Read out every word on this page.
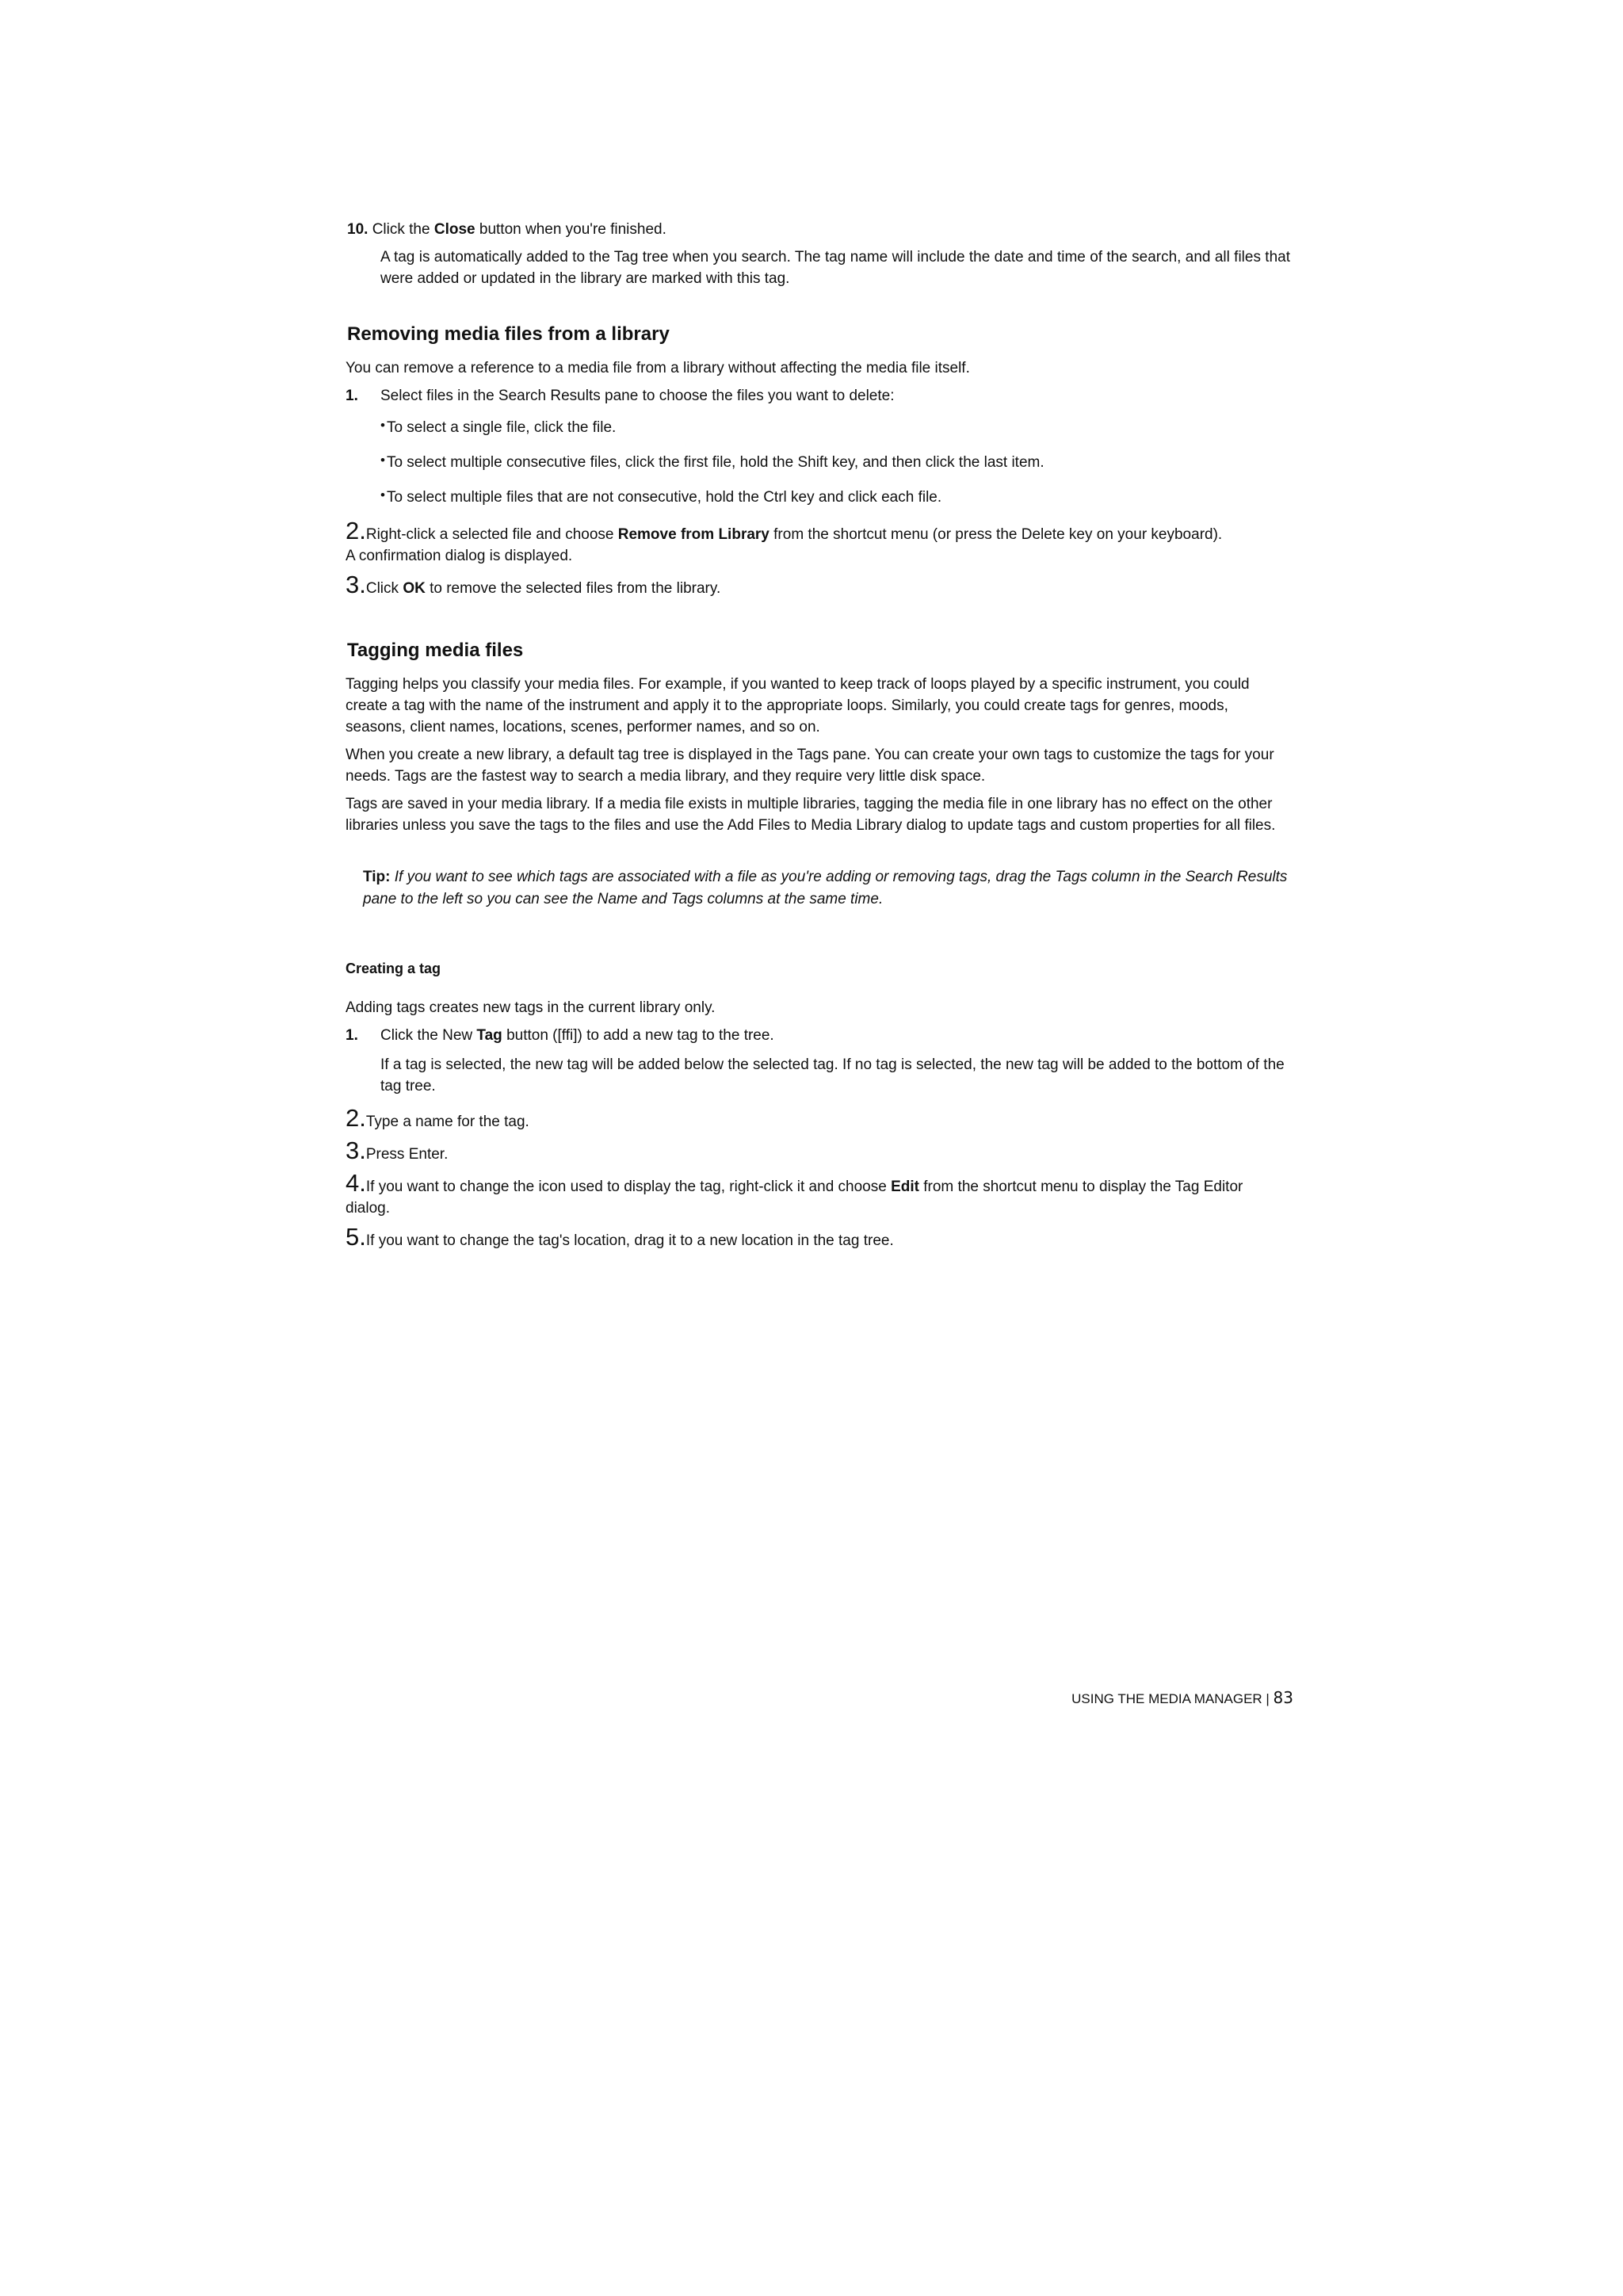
10. Click the Close button when you're finished.

A tag is automatically added to the Tag tree when you search. The tag name will include the date and time of the search, and all files that were added or updated in the library are marked with this tag.

Removing media files from a library

You can remove a reference to a media file from a library without affecting the media file itself.

1.	Select files in the Search Results pane to choose the files you want to delete:

• To select a single file, click the file.

• To select multiple consecutive files, click the first file, hold the Shift key, and then click the last item.

• To select multiple files that are not consecutive, hold the Ctrl key and click each file.

2.Right-click a selected file and choose Remove from Library from the shortcut menu (or press the Delete key on your keyboard).
A confirmation dialog is displayed.

3.Click OK to remove the selected files from the library.

Tagging media files

Tagging helps you classify your media files. For example, if you wanted to keep track of loops played by a specific instrument, you could create a tag with the name of the instrument and apply it to the appropriate loops. Similarly, you could create tags for genres, moods, seasons, client names, locations, scenes, performer names, and so on.

When you create a new library, a default tag tree is displayed in the Tags pane. You can create your own tags to customize the tags for your needs. Tags are the fastest way to search a media library, and they require very little disk space.

Tags are saved in your media library. If a media file exists in multiple libraries, tagging the media file in one library has no effect on the other libraries unless you save the tags to the files and use the Add Files to Media Library dialog to update tags and custom properties for all files.

Tip: If you want to see which tags are associated with a file as you're adding or removing tags, drag the Tags column in the Search Results pane to the left so you can see the Name and Tags columns at the same time.

Creating a tag

Adding tags creates new tags in the current library only.

1.	Click the New Tag button ([ffi]) to add a new tag to the tree.

If a tag is selected, the new tag will be added below the selected tag. If no tag is selected, the new tag will be added to the bottom of the tag tree.

2.Type a name for the tag.

3.Press Enter.

4.If you want to change the icon used to display the tag, right-click it and choose Edit from the shortcut menu to display the Tag Editor dialog.

5.If you want to change the tag's location, drag it to a new location in the tag tree.

USING THE MEDIA MANAGER | 83
